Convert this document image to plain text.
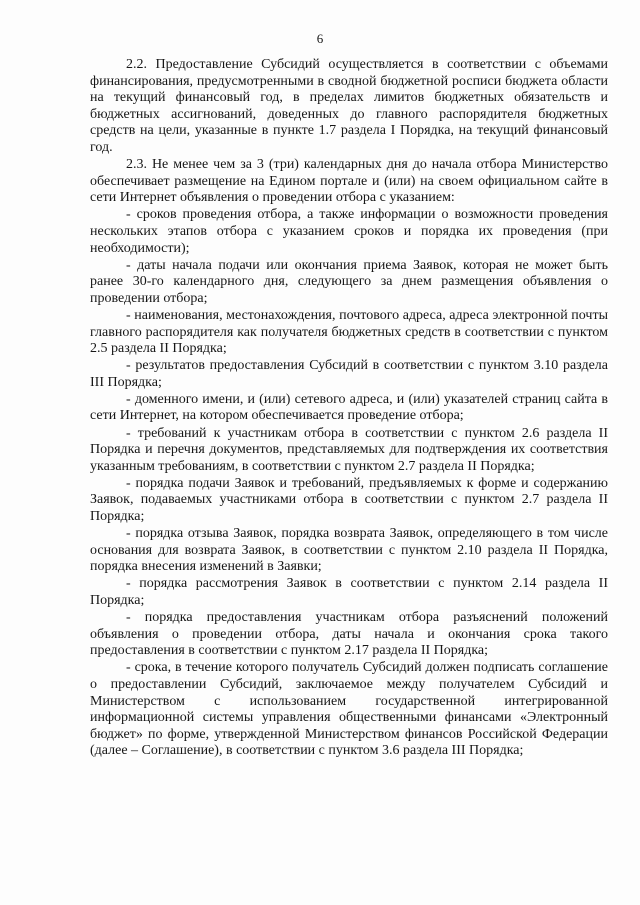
6

2.2. Предоставление Субсидий осуществляется в соответствии с объемами финансирования, предусмотренными в сводной бюджетной росписи бюджета области на текущий финансовый год, в пределах лимитов бюджетных обязательств и бюджетных ассигнований, доведенных до главного распорядителя бюджетных средств на цели, указанные в пункте 1.7 раздела I Порядка, на текущий финансовый год.

2.3. Не менее чем за 3 (три) календарных дня до начала отбора Министерство обеспечивает размещение на Едином портале и (или) на своем официальном сайте в сети Интернет объявления о проведении отбора с указанием:

- сроков проведения отбора, а также информации о возможности проведения нескольких этапов отбора с указанием сроков и порядка их проведения (при необходимости);

- даты начала подачи или окончания приема Заявок, которая не может быть ранее 30-го календарного дня, следующего за днем размещения объявления о проведении отбора;

- наименования, местонахождения, почтового адреса, адреса электронной почты главного распорядителя как получателя бюджетных средств в соответствии с пунктом 2.5 раздела II Порядка;

- результатов предоставления Субсидий в соответствии с пунктом 3.10 раздела III Порядка;

- доменного имени, и (или) сетевого адреса, и (или) указателей страниц сайта в сети Интернет, на котором обеспечивается проведение отбора;

- требований к участникам отбора в соответствии с пунктом 2.6 раздела II Порядка и перечня документов, представляемых для подтверждения их соответствия указанным требованиям, в соответствии с пунктом 2.7 раздела II Порядка;

- порядка подачи Заявок и требований, предъявляемых к форме и содержанию Заявок, подаваемых участниками отбора в соответствии с пунктом 2.7 раздела II Порядка;

- порядка отзыва Заявок, порядка возврата Заявок, определяющего в том числе основания для возврата Заявок, в соответствии с пунктом 2.10 раздела II Порядка, порядка внесения изменений в Заявки;

- порядка рассмотрения Заявок в соответствии с пунктом 2.14 раздела II Порядка;

- порядка предоставления участникам отбора разъяснений положений объявления о проведении отбора, даты начала и окончания срока такого предоставления в соответствии с пунктом 2.17 раздела II Порядка;

- срока, в течение которого получатель Субсидий должен подписать соглашение о предоставлении Субсидий, заключаемое между получателем Субсидий и Министерством с использованием государственной интегрированной информационной системы управления общественными финансами «Электронный бюджет» по форме, утвержденной Министерством финансов Российской Федерации (далее – Соглашение), в соответствии с пунктом 3.6 раздела III Порядка;
